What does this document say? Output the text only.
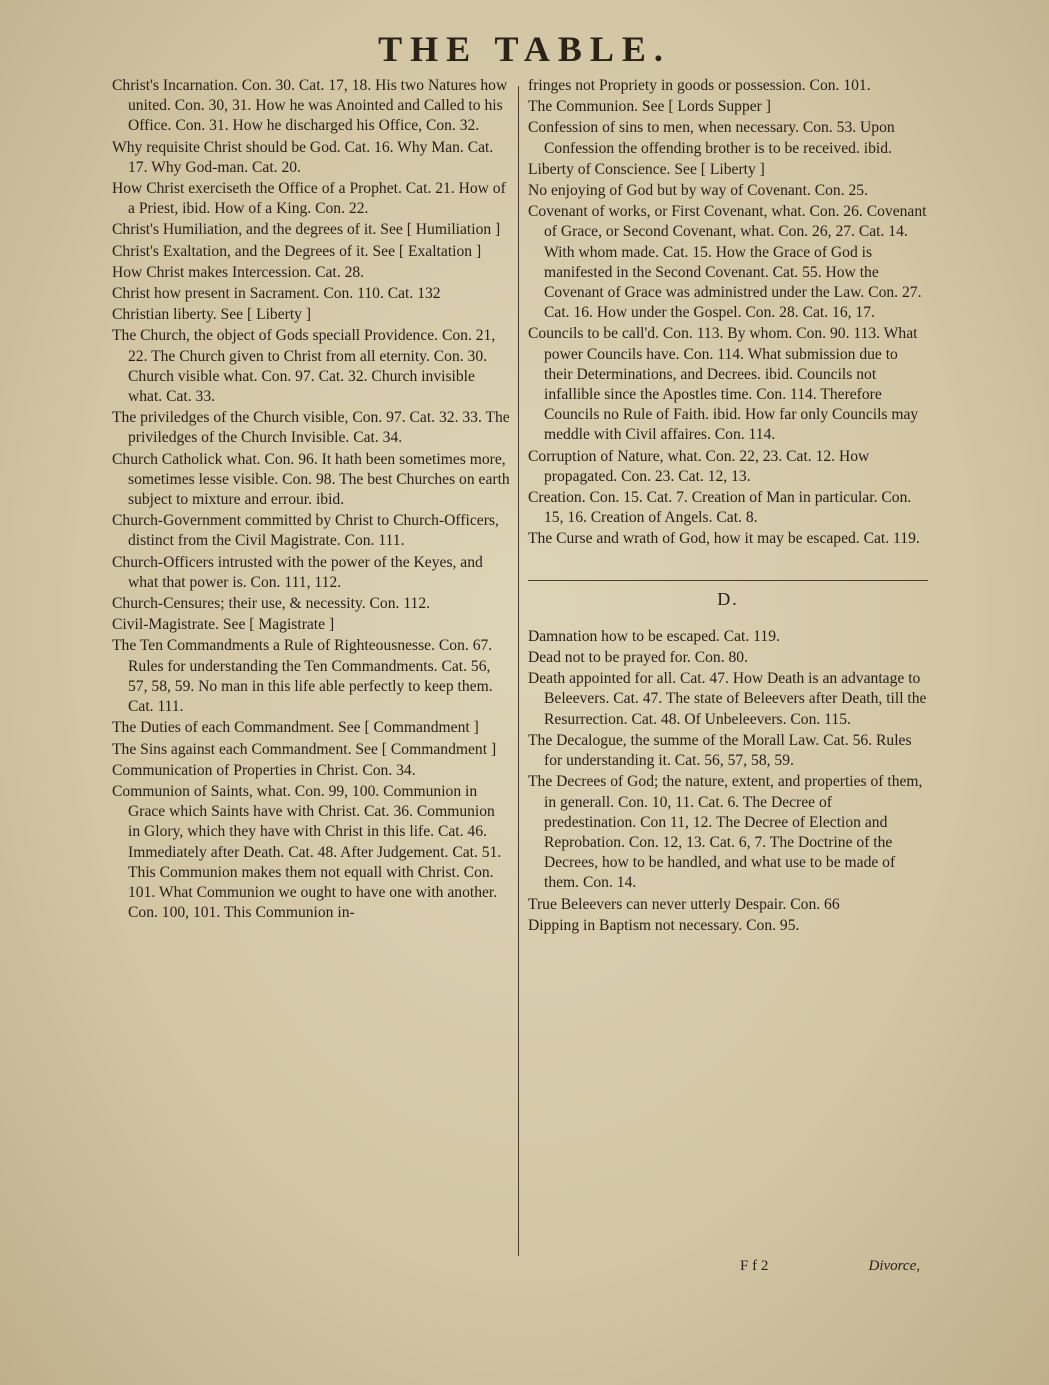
THE TABLE.

Christ's Incarnation. Con. 30. Cat. 17, 18. His two Natures how united. Con. 30, 31. How he was Anointed and Called to his Office. Con. 31. How he discharged his Office, Con. 32.

Why requisite Christ should be God. Cat. 16. Why Man. Cat. 17. Why God-man. Cat. 20.

How Christ exerciseth the Office of a Prophet. Cat. 21. How of a Priest, ibid. How of a King. Con. 22.

Christ's Humiliation, and the degrees of it. See [ Humiliation ]

Christ's Exaltation, and the Degrees of it. See [ Exaltation ]

How Christ makes Intercession. Cat. 28.

Christ how present in Sacrament. Con. 110. Cat. 132

Christian liberty. See [ Liberty ]

The Church, the object of Gods speciall Providence. Con. 21, 22. The Church given to Christ from all eternity. Con. 30. Church visible what. Con. 97. Cat. 32. Church invisible what. Cat. 33.

The priviledges of the Church visible, Con. 97. Cat. 32. 33. The priviledges of the Church Invisible. Cat. 34.

Church Catholick what. Con. 96. It hath been sometimes more, sometimes lesse visible. Con. 98. The best Churches on earth subject to mixture and errour. ibid.

Church-Government committed by Christ to Church-Officers, distinct from the Civil Magistrate. Con. 111.

Church-Officers intrusted with the power of the Keyes, and what that power is. Con. 111, 112.

Church-Censures; their use, & necessity. Con. 112.

Civil-Magistrate. See [ Magistrate ]

The Ten Commandments a Rule of Righteousnesse. Con. 67. Rules for understanding the Ten Commandments. Cat. 56, 57, 58, 59. No man in this life able perfectly to keep them. Cat. 111.

The Duties of each Commandment. See [ Commandment ]

The Sins against each Commandment. See [ Commandment ]

Communication of Properties in Christ. Con. 34.

Communion of Saints, what. Con. 99, 100. Communion in Grace which Saints have with Christ. Cat. 36. Communion in Glory, which they have with Christ in this life. Cat. 46. Immediately after Death. Cat. 48. After Judgement. Cat. 51. This Communion makes them not equall with Christ. Con. 101. What Communion we ought to have one with another. Con. 100, 101. This Communion in-

fringes not Propriety in goods or possession. Con. 101.

The Communion. See [ Lords Supper ]

Confession of sins to men, when necessary. Con. 53. Upon Confession the offending brother is to be received. ibid.

Liberty of Conscience. See [ Liberty ]

No enjoying of God but by way of Covenant. Con. 25.

Covenant of works, or First Covenant, what. Con. 26. Covenant of Grace, or Second Covenant, what. Con. 26, 27. Cat. 14. With whom made. Cat. 15. How the Grace of God is manifested in the Second Covenant. Cat. 55. How the Covenant of Grace was administred under the Law. Con. 27. Cat. 16. How under the Gospel. Con. 28. Cat. 16, 17.

Councils to be call'd. Con. 113. By whom. Con. 90. 113. What power Councils have. Con. 114. What submission due to their Determinations, and Decrees. ibid. Councils not infallible since the Apostles time. Con. 114. Therefore Councils no Rule of Faith. ibid. How far only Councils may meddle with Civil affaires. Con. 114.

Corruption of Nature, what. Con. 22, 23. Cat. 12. How propagated. Con. 23. Cat. 12, 13.

Creation. Con. 15. Cat. 7. Creation of Man in particular. Con. 15, 16. Creation of Angels. Cat. 8.

The Curse and wrath of God, how it may be escaped. Cat. 119.

D.

Damnation how to be escaped. Cat. 119.

Dead not to be prayed for. Con. 80.

Death appointed for all. Cat. 47. How Death is an advantage to Beleevers. Cat. 47. The state of Beleevers after Death, till the Resurrection. Cat. 48. Of Unbeleevers. Con. 115.

The Decalogue, the summe of the Morall Law. Cat. 56. Rules for understanding it. Cat. 56, 57, 58, 59.

The Decrees of God; the nature, extent, and properties of them, in generall. Con. 10, 11. Cat. 6. The Decree of predestination. Con 11, 12. The Decree of Election and Reprobation. Con. 12, 13. Cat. 6, 7. The Doctrine of the Decrees, how to be handled, and what use to be made of them. Con. 14.

True Beleevers can never utterly Despair. Con. 66

Dipping in Baptism not necessary. Con. 95.

F f 2	Divorce,
